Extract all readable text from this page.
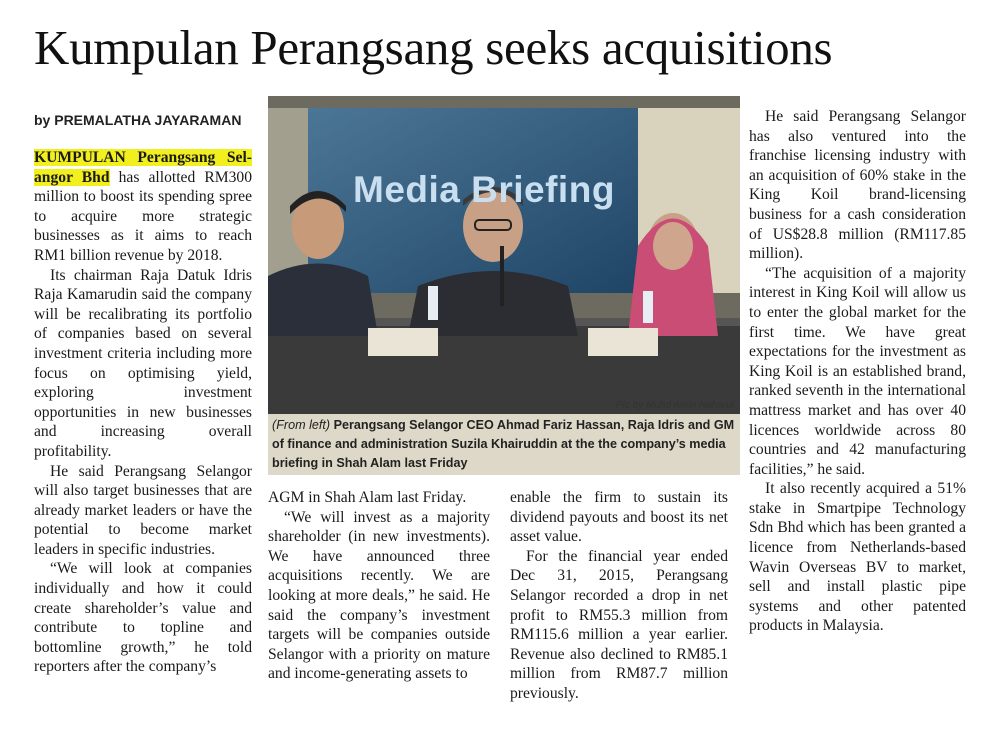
Kumpulan Perangsang seeks acquisitions
by PREMALATHA JAYARAMAN

KUMPULAN Perangsang Sel-angor Bhd has allotted RM300 million to boost its spending spree to acquire more strategic businesses as it aims to reach RM1 billion revenue by 2018.

Its chairman Raja Datuk Idris Raja Kamarudin said the company will be recalibrating its portfolio of companies based on several investment criteria including more focus on optimising yield, exploring investment opportunities in new businesses and increasing overall profitability.

He said Perangsang Selangor will also target businesses that are already market leaders or have the potential to become market leaders in specific industries.

“We will look at companies individually and how it could create shareholder’s value and contribute to topline and bottomline growth,” he told reporters after the company’s

Media Briefing
Pic by Muhd Amin Naharul
(From left) Perangsang Selangor CEO Ahmad Fariz Hassan, Raja Idris and GM of finance and administration Suzila Khairuddin at the the company’s media briefing in Shah Alam last Friday

AGM in Shah Alam last Friday.

“We will invest as a majority shareholder (in new investments). We have announced three acquisitions recently. We are looking at more deals,” he said. He said the company’s investment targets will be companies outside Selangor with a priority on mature and income-generating assets to

enable the firm to sustain its dividend payouts and boost its net asset value.

For the financial year ended Dec 31, 2015, Perangsang Selangor recorded a drop in net profit to RM55.3 million from RM115.6 million a year earlier. Revenue also declined to RM85.1 million from RM87.7 million previously.

He said Perangsang Selangor has also ventured into the franchise licensing industry with an acquisition of 60% stake in the King Koil brand-licensing business for a cash consideration of US$28.8 million (RM117.85 million).

“The acquisition of a majority interest in King Koil will allow us to enter the global market for the first time. We have great expectations for the investment as King Koil is an established brand, ranked seventh in the international mattress market and has over 40 licences worldwide across 80 countries and 42 manufacturing facilities,” he said.

It also recently acquired a 51% stake in Smartpipe Technology Sdn Bhd which has been granted a licence from Netherlands-based Wavin Overseas BV to market, sell and install plastic pipe systems and other patented products in Malaysia.
